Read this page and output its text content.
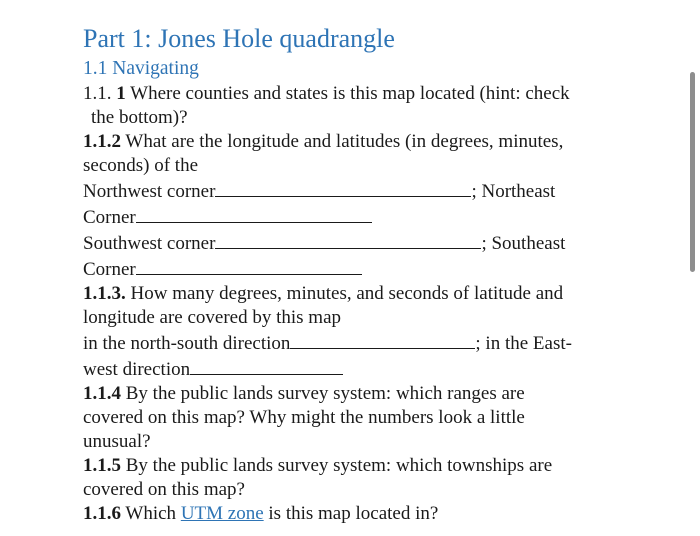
Part 1: Jones Hole quadrangle
1.1 Navigating
1.1. 1 Where counties and states is this map located (hint: check
the bottom)?
1.1.2 What are the longitude and latitudes (in degrees, minutes,
seconds) of the
Northwest corner	; Northeast
Corner
Southwest corner	; Southeast
Corner
1.1.3. How many degrees, minutes, and seconds of latitude and
longitude are covered by this map
in the north-south direction	; in the East-
west direction
1.1.4 By the public lands survey system: which ranges are
covered on this map? Why might the numbers look a little
unusual?
1.1.5 By the public lands survey system: which townships are
covered on this map?
1.1.6 Which UTM zone is this map located in?
